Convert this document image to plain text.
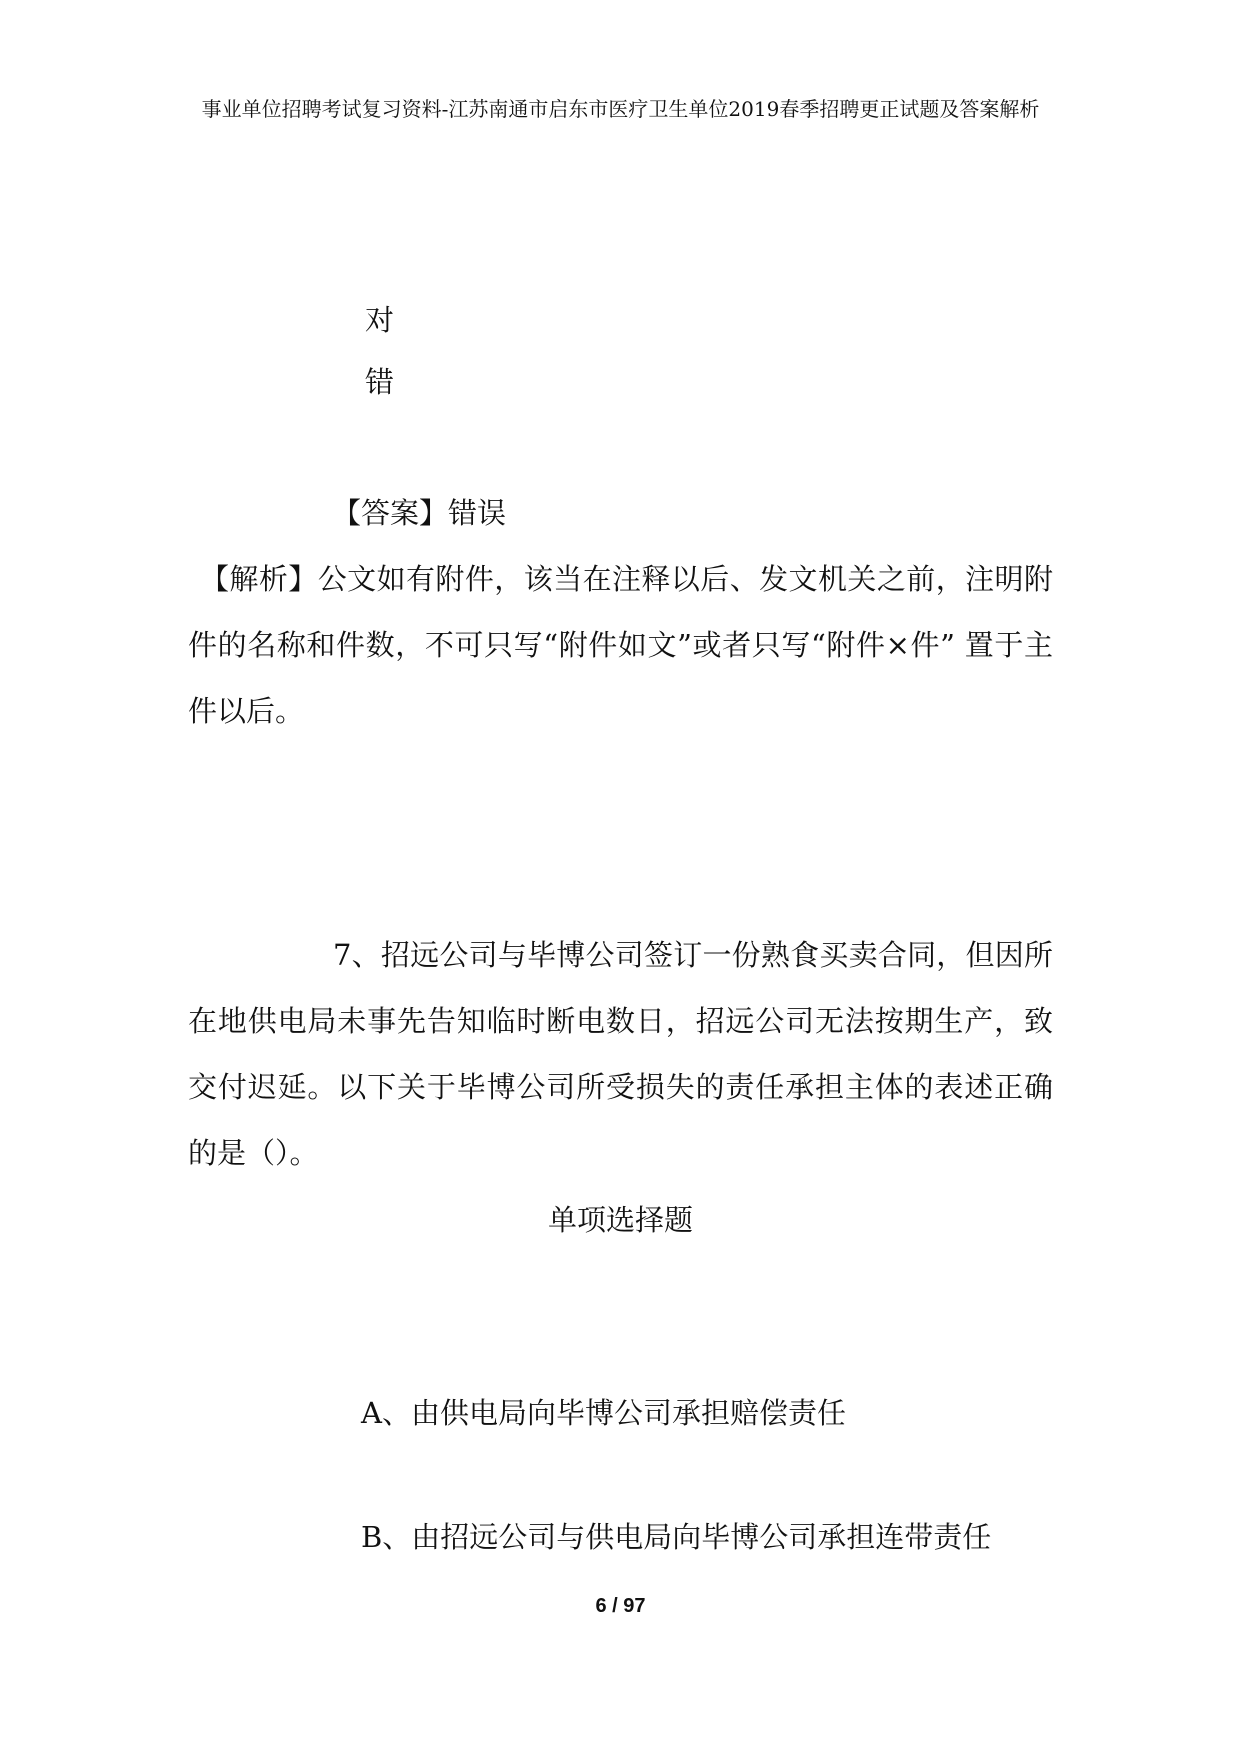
事业单位招聘考试复习资料-江苏南通市启东市医疗卫生单位2019春季招聘更正试题及答案解析
对
错
【答案】错误

【解析】公文如有附件，该当在注释以后、发文机关之前，注明附件的名称和件数，不可只写“附件如文”或者只写“附件×件” 置于主件以后。

7、招远公司与毕博公司签订一份熟食买卖合同，但因所在地供电局未事先告知临时断电数日，招远公司无法按期生产，致交付迟延。以下关于毕博公司所受损失的责任承担主体的表述正确的是（）。

单项选择题
A、由供电局向毕博公司承担赔偿责任
B、由招远公司与供电局向毕博公司承担连带责任
6 / 97
